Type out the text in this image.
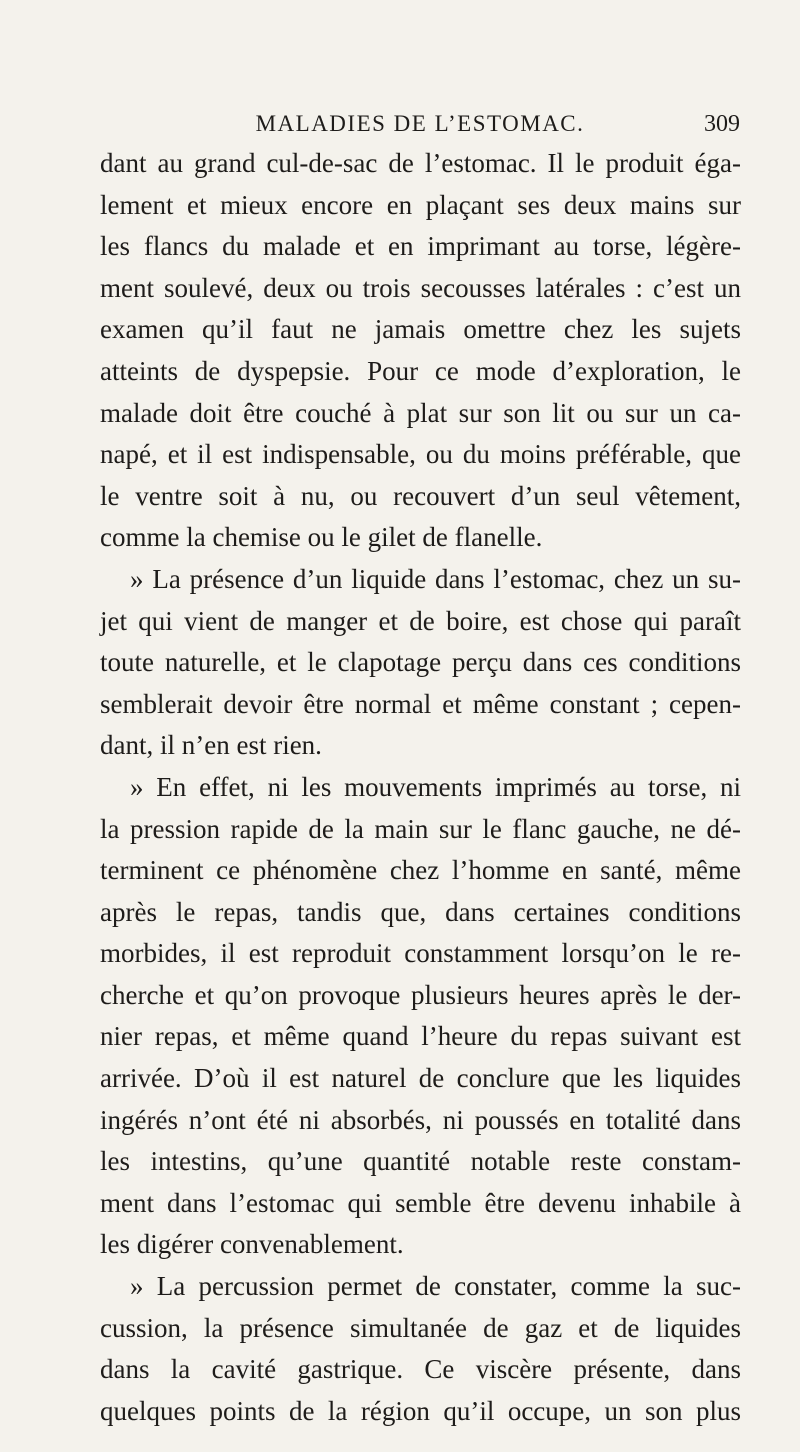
MALADIES DE L’ESTOMAC.	309
dant au grand cul-de-sac de l’estomac. Il le produit éga-
lement et mieux encore en plaçant ses deux mains sur
les flancs du malade et en imprimant au torse, légère-
ment soulevé, deux ou trois secousses latérales : c’est un
examen qu’il faut ne jamais omettre chez les sujets
atteints de dyspepsie. Pour ce mode d’exploration, le
malade doit être couché à plat sur son lit ou sur un ca-
napé, et il est indispensable, ou du moins préférable, que
le ventre soit à nu, ou recouvert d’un seul vêtement,
comme la chemise ou le gilet de flanelle.
» La présence d’un liquide dans l’estomac, chez un su-
jet qui vient de manger et de boire, est chose qui paraît
toute naturelle, et le clapotage perçu dans ces conditions
semblerait devoir être normal et même constant ; cepen-
dant, il n’en est rien.
» En effet, ni les mouvements imprimés au torse, ni
la pression rapide de la main sur le flanc gauche, ne dé-
terminent ce phénomène chez l’homme en santé, même
après le repas, tandis que, dans certaines conditions
morbides, il est reproduit constamment lorsqu’on le re-
cherche et qu’on provoque plusieurs heures après le der-
nier repas, et même quand l’heure du repas suivant est
arrivée. D’où il est naturel de conclure que les liquides
ingérés n’ont été ni absorbés, ni poussés en totalité dans
les intestins, qu’une quantité notable reste constam-
ment dans l’estomac qui semble être devenu inhabile à
les digérer convenablement.
» La percussion permet de constater, comme la suc-
cussion, la présence simultanée de gaz et de liquides
dans la cavité gastrique. Ce viscère présente, dans
quelques points de la région qu’il occupe, un son plus
